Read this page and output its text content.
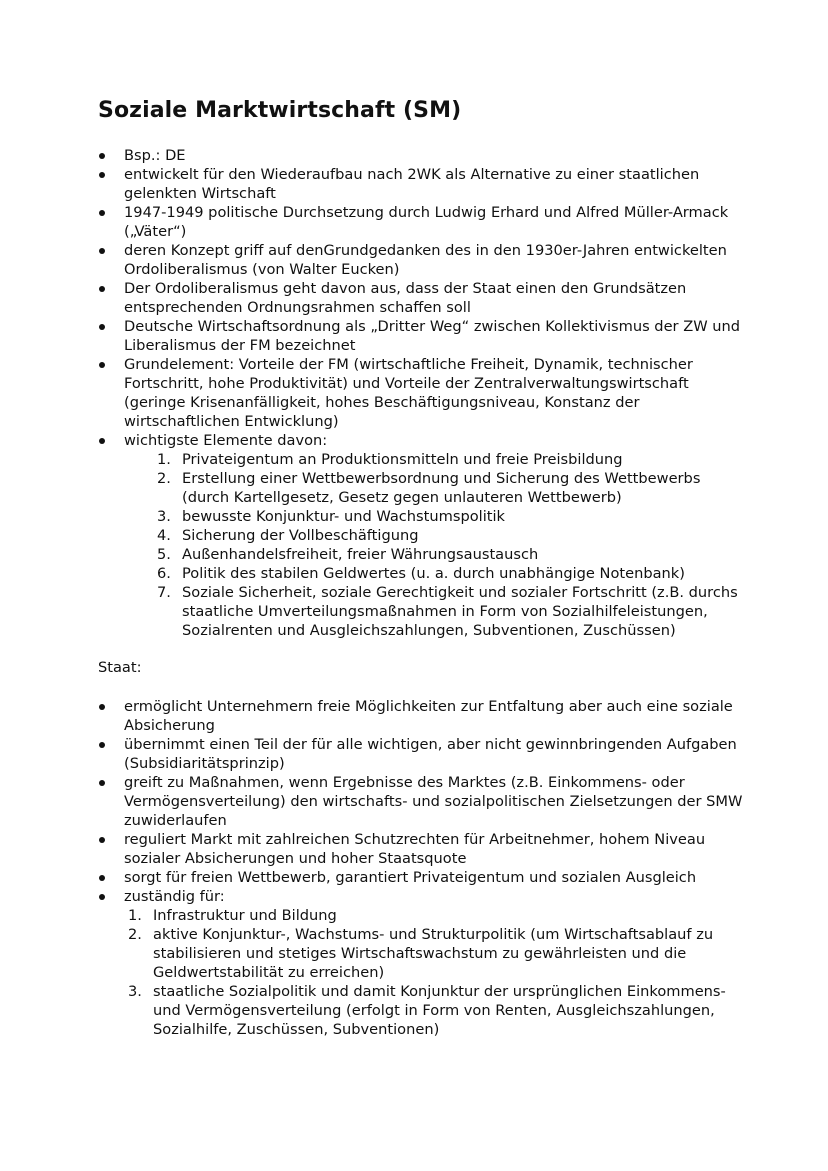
Soziale Marktwirtschaft (SM)
Bsp.: DE
entwickelt für den Wiederaufbau nach 2WK als Alternative zu einer staatlichen gelenkten Wirtschaft
1947-1949 politische Durchsetzung durch Ludwig Erhard und Alfred Müller-Armack („Väter“)
deren Konzept griff auf denGrundgedanken des in den 1930er-Jahren entwickelten Ordoliberalismus (von Walter Eucken)
Der Ordoliberalismus geht davon aus, dass der Staat einen den Grundsätzen entsprechenden Ordnungsrahmen schaffen soll
Deutsche Wirtschaftsordnung als „Dritter Weg“ zwischen Kollektivismus der ZW und Liberalismus der FM bezeichnet
Grundelement: Vorteile der FM (wirtschaftliche Freiheit, Dynamik, technischer Fortschritt, hohe Produktivität) und Vorteile der Zentralverwaltungswirtschaft (geringe Krisenanfälligkeit, hohes Beschäftigungsniveau, Konstanz der wirtschaftlichen Entwicklung)
wichtigste Elemente davon:
1. Privateigentum an Produktionsmitteln und freie Preisbildung
2. Erstellung einer Wettbewerbsordnung und Sicherung des Wettbewerbs (durch Kartellgesetz, Gesetz gegen unlauteren Wettbewerb)
3. bewusste Konjunktur- und Wachstumspolitik
4. Sicherung der Vollbeschäftigung
5. Außenhandelsfreiheit, freier Währungsaustausch
6. Politik des stabilen Geldwertes (u. a. durch unabhängige Notenbank)
7. Soziale Sicherheit, soziale Gerechtigkeit und sozialer Fortschritt (z.B. durchs staatliche Umverteilungsmaßnahmen in Form von Sozialhilfeleistungen, Sozialrenten und Ausgleichszahlungen, Subventionen, Zuschüssen)
Staat:
ermöglicht Unternehmern freie Möglichkeiten zur Entfaltung aber auch eine soziale Absicherung
übernimmt einen Teil der für alle wichtigen, aber nicht gewinnbringenden Aufgaben (Subsidiaritätsprinzip)
greift zu Maßnahmen, wenn Ergebnisse des Marktes (z.B. Einkommens- oder Vermögensverteilung) den wirtschafts- und sozialpolitischen Zielsetzungen der SMW zuwiderlaufen
reguliert Markt mit zahlreichen Schutzrechten für Arbeitnehmer, hohem Niveau sozialer Absicherungen und hoher Staatsquote
sorgt für freien Wettbewerb, garantiert Privateigentum und sozialen Ausgleich
zuständig für:
1. Infrastruktur und Bildung
2. aktive Konjunktur-, Wachstums- und Strukturpolitik (um Wirtschaftsablauf zu stabilisieren und stetiges Wirtschaftswachstum zu gewährleisten und die Geldwertstabilität zu erreichen)
3. staatliche Sozialpolitik und damit Konjunktur der ursprünglichen Einkommens- und Vermögensverteilung (erfolgt in Form von Renten, Ausgleichszahlungen, Sozialhilfe, Zuschüssen, Subventionen)
